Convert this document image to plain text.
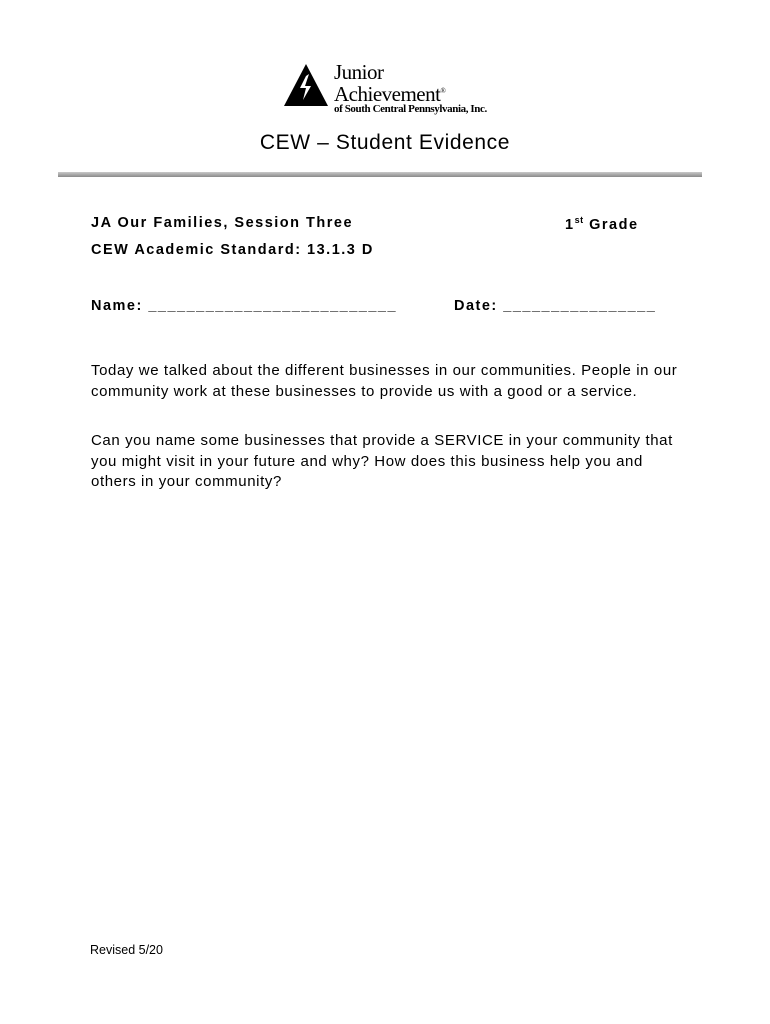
Junior
Achievement®
of South Central Pennsylvania, Inc.
CEW – Student Evidence
JA Our Families, Session Three	1st Grade
CEW Academic Standard: 13.1.3 D
Name: __________________________	Date: ________________
Today we talked about the different businesses in our communities. People in our community work at these businesses to provide us with a good or a service.
Can you name some businesses that provide a SERVICE in your community that you might visit in your future and why? How does this business help you and others in your community?
Revised 5/20
